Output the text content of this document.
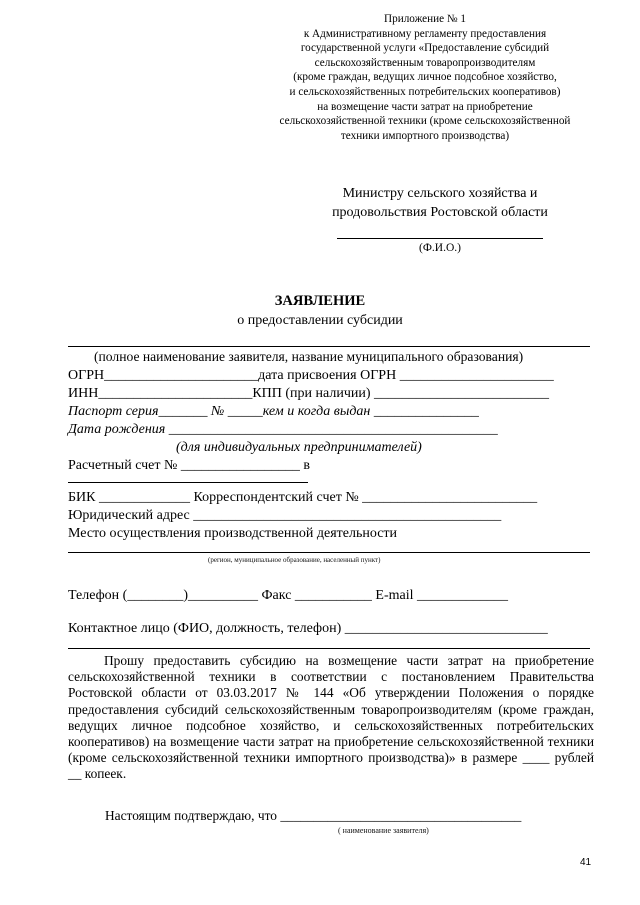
Приложение № 1
к Административному регламенту предоставления
государственной услуги «Предоставление субсидий
сельскохозяйственным товаропроизводителям
(кроме граждан, ведущих личное подсобное хозяйство,
и сельскохозяйственных потребительских кооперативов)
на возмещение части затрат на приобретение
сельскохозяйственной техники (кроме сельскохозяйственной
техники импортного производства)
Министру сельского хозяйства и
продовольствия Ростовской области
(Ф.И.О.)
ЗАЯВЛЕНИЕ
о предоставлении субсидии
(полное наименование заявителя, название муниципального образования)
ОГРН______________________дата присвоения ОГРН ______________________
ИНН______________________КПП (при наличии) _________________________
Паспорт серия_______ № _____кем и когда выдан _______________
Дата рождения _______________________________________________
(для индивидуальных предпринимателей)
Расчетный счет № _________________ в
БИК _____________ Корреспондентский счет № _________________________
Юридический адрес ____________________________________________
Место осуществления производственной деятельности
(регион, муниципальное образование, населенный пункт)
Телефон (________)__________ Факс ___________ E-mail _____________
Контактное лицо (ФИО, должность, телефон) _____________________________

Прошу предоставить субсидию на возмещение части затрат на приобретение сельскохозяйственной техники в соответствии с постановлением Правительства Ростовской области от 03.03.2017 № 144 «Об утверждении Положения о порядке предоставления субсидий сельскохозяйственным товаропроизводителям (кроме граждан, ведущих личное подсобное хозяйство, и сельскохозяйственных потребительских кооперативов) на возмещение части затрат на приобретение сельскохозяйственной техники (кроме сельскохозяйственной техники импортного производства)» в размере ____ рублей __ копеек.

Настоящим подтверждаю, что ____________________________________
( наименование заявителя)
41
